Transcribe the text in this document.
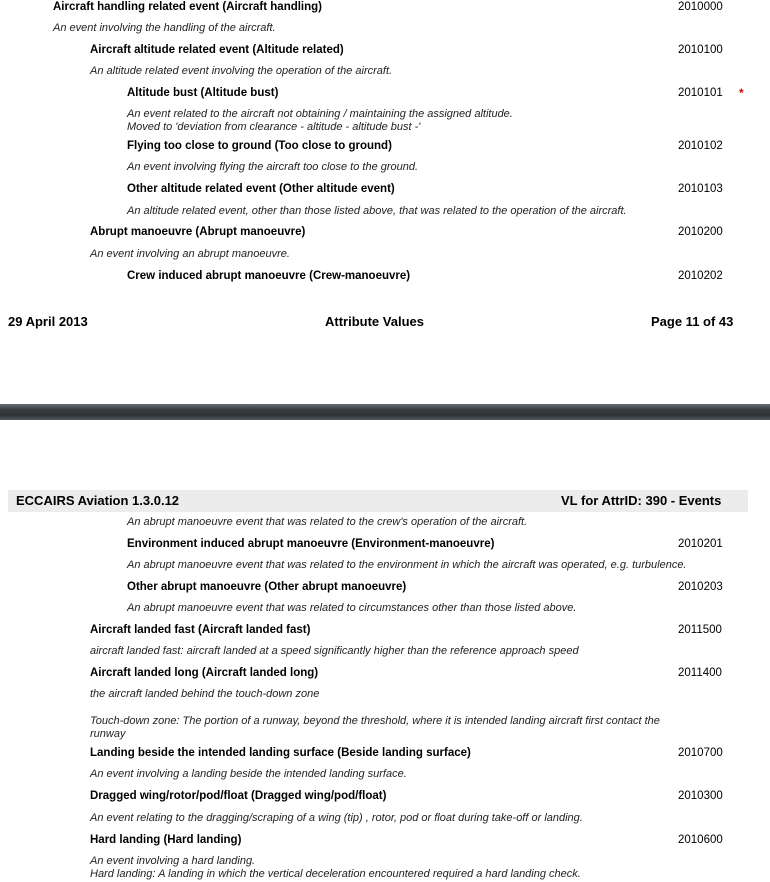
Aircraft handling related event (Aircraft handling)	2010000
An event involving the handling of the aircraft.
Aircraft altitude related event (Altitude related)	2010100
An altitude related event involving the operation of the aircraft.
Altitude bust (Altitude bust)	2010101 *
An event related to the aircraft not obtaining / maintaining the assigned altitude.
Moved to 'deviation from clearance - altitude - altitude bust -'
Flying too close to ground (Too close to ground)	2010102
An event involving flying the aircraft too close to the ground.
Other altitude related event (Other altitude event)	2010103
An altitude related event, other than those listed above, that was related to the operation of the aircraft.
Abrupt manoeuvre (Abrupt manoeuvre)	2010200
An event involving an abrupt manoeuvre.
Crew induced abrupt manoeuvre (Crew-manoeuvre)	2010202
29 April 2013	Attribute Values	Page 11 of 43
ECCAIRS Aviation 1.3.0.12	VL for AttrID: 390 - Events
An abrupt manoeuvre event that was related to the crew's operation of the aircraft.
Environment induced abrupt manoeuvre (Environment-manoeuvre)	2010201
An abrupt manoeuvre event that was related to the environment in which the aircraft was operated, e.g. turbulence.
Other abrupt manoeuvre (Other abrupt manoeuvre)	2010203
An abrupt manoeuvre event that was related to circumstances other than those listed above.
Aircraft landed fast (Aircraft landed fast)	2011500
aircraft landed fast: aircraft landed at a speed significantly higher than the reference approach speed
Aircraft landed long (Aircraft landed long)	2011400
the aircraft landed behind the touch-down zone
Touch-down zone: The portion of a runway, beyond the threshold, where it is intended landing aircraft first contact the
runway
Landing beside the intended landing surface (Beside landing surface)	2010700
An event involving a landing beside the intended landing surface.
Dragged wing/rotor/pod/float (Dragged wing/pod/float)	2010300
An event relating to the dragging/scraping of a wing (tip) , rotor, pod or float during take-off or landing.
Hard landing (Hard landing)	2010600
An event involving a hard landing.
Hard landing: A landing in which the vertical deceleration encountered required a hard landing check.
